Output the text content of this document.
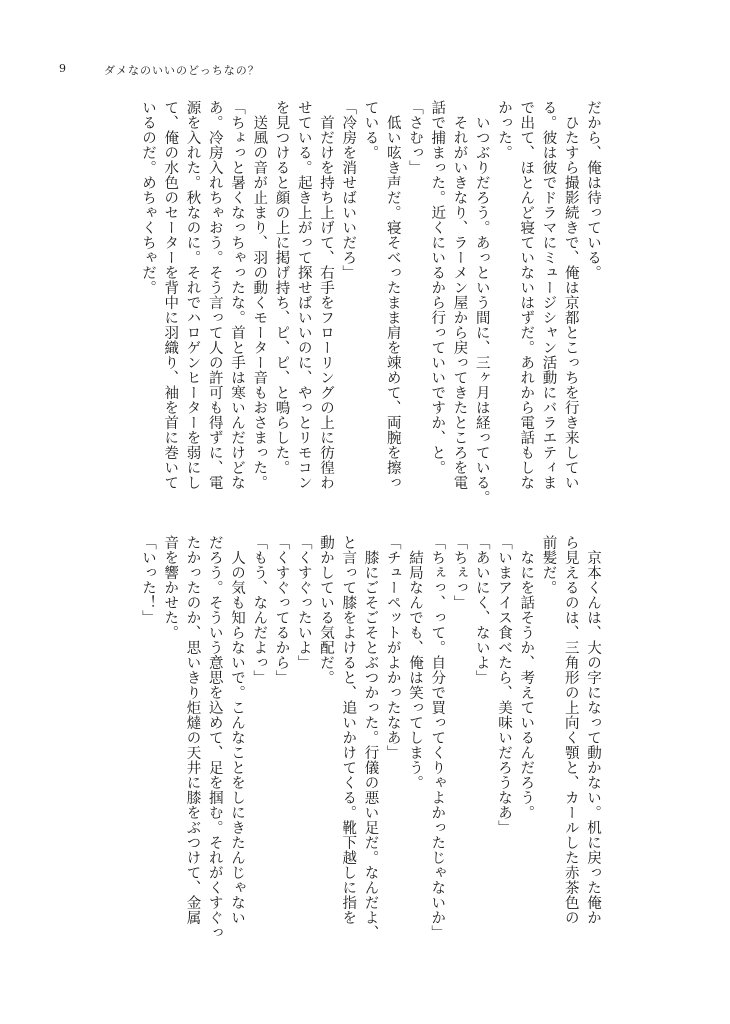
9	ダメなのいいのどっちなの？
だから、俺は待っている。
　ひたすら撮影続きで、俺は京都とこっちを行き来してい
る。彼は彼でドラマにミュージシャン活動にバラエティま
で出て、ほとんど寝ていないはずだ。あれから電話もしな
かった。
　いつぶりだろう。あっという間に、三ヶ月は経っている。
　それがいきなり、ラーメン屋から戻ってきたところを電
話で捕まった。近くにいるから行っていいですか、と。
「さむっ」
　低い呟き声だ。寝そべったまま肩を竦めて、両腕を擦っ
ている。
「冷房を消せばいいだろ」
　首だけを持ち上げて、右手をフローリングの上に彷徨わ
せている。起き上がって探せばいいのに、やっとリモコン
を見つけると顔の上に掲げ持ち、ピ、ピ、と鳴らした。
　送風の音が止まり、羽の動くモーター音もおさまった。
「ちょっと暑くなっちゃったな。首と手は寒いんだけどな
あ。冷房入れちゃおう。そう言って人の許可も得ずに、電
源を入れた。秋なのに。それでハロゲンヒーターを弱にし
て、俺の水色のセーターを背中に羽織り、袖を首に巻いて
いるのだ。めちゃくちゃだ。
　京本くんは、大の字になって動かない。机に戻った俺か
ら見えるのは、三角形の上向く顎と、カールした赤茶色の
前髪だ。
　なにを話そうか、考えているんだろう。
「いまアイス食べたら、美味いだろうなあ」
「あいにく、ないよ」
「ちぇっ」
「ちぇっ、って。自分で買ってくりゃよかったじゃないか」
　結局なんでも、俺は笑ってしまう。
「チューペットがよかったなあ」
　膝にごそごそとぶつかった。行儀の悪い足だ。なんだよ、
と言って膝をよけると、追いかけてくる。靴下越しに指を
動かしている気配だ。
「くすぐったいよ」
「くすぐってるから」
「もう、なんだよっ」
　人の気も知らないで。こんなことをしにきたんじゃない
だろう。そういう意思を込めて、足を掴む。それがくすぐっ
たかったのか、思いきり炬燵の天井に膝をぶつけて、金属
音を響かせた。
「いった！」
